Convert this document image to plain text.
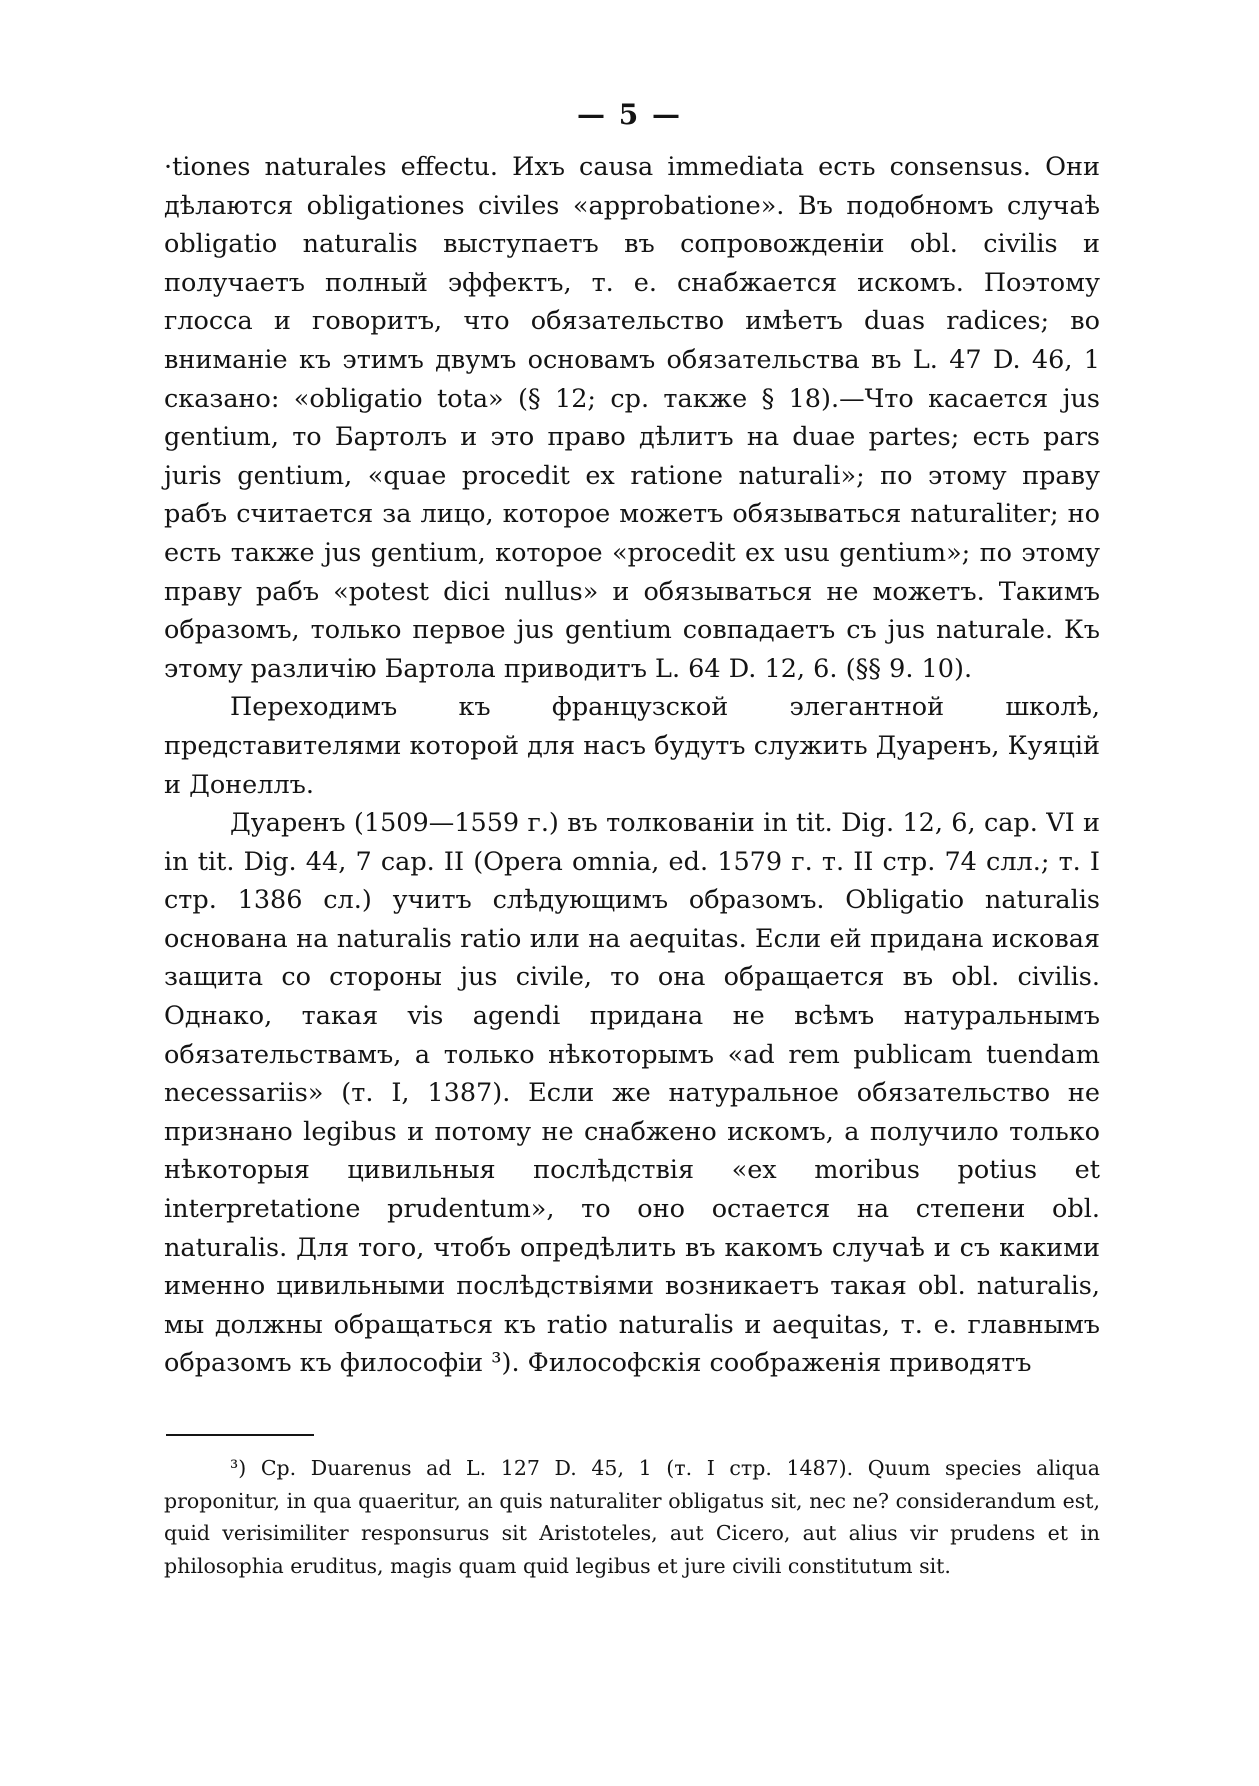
— 5 —

·tiones naturales effectu. Ихъ causa immediata есть consensus. Они дѣлаются obligationes civiles «approbatione». Въ подобномъ случаѣ obligatio naturalis выступаетъ въ сопровожденіи obl. civilis и получаетъ полный эффектъ, т. е. снабжается искомъ. Поэтому глосса и говоритъ, что обязательство имѣетъ duas radices; во вниманіе къ этимъ двумъ основамъ обязательства въ L. 47 D. 46, 1 сказано: «obligatio tota» (§ 12; ср. также § 18).—Что касается jus gentium, то Бартолъ и это право дѣлитъ на duae partes; есть pars juris gentium, «quae procedit ex ratione naturali»; по этому праву рабъ считается за лицо, которое можетъ обязываться naturaliter; но есть также jus gentium, которое «procedit ex usu gentium»; по этому праву рабъ «potest dici nullus» и обязываться не можетъ. Такимъ образомъ, только первое jus gentium совпадаетъ съ jus naturale. Къ этому различію Бартола приводитъ L. 64 D. 12, 6. (§§ 9. 10).

Переходимъ къ французской элегантной школѣ, представителями которой для насъ будутъ служить Дуаренъ, Куяцій и Донеллъ.

Дуаренъ (1509—1559 г.) въ толкованіи in tit. Dig. 12, 6, cap. VI и in tit. Dig. 44, 7 cap. II (Opera omnia, ed. 1579 г. т. II стр. 74 слл.; т. I стр. 1386 сл.) учитъ слѣдующимъ образомъ. Obligatio naturalis основана на naturalis ratio или на aequitas. Если ей придана исковая защита со стороны jus civile, то она обращается въ obl. civilis. Однако, такая vis agendi придана не всѣмъ натуральнымъ обязательствамъ, а только нѣкоторымъ «ad rem publicam tuendam necessariis» (т. I, 1387). Если же натуральное обязательство не признано legibus и потому не снабжено искомъ, а получило только нѣкоторыя цивильныя послѣдствія «ex moribus potius et interpretatione prudentum», то оно остается на степени obl. naturalis. Для того, чтобъ опредѣлить въ какомъ случаѣ и съ какими именно цивильными послѣдствіями возникаетъ такая obl. naturalis, мы должны обращаться къ ratio naturalis и aequitas, т. е. главнымъ образомъ къ философіи ³). Философскія соображенія приводятъ

³) Ср. Duarenus ad L. 127 D. 45, 1 (т. I стр. 1487). Quum species aliqua proponitur, in qua quaeritur, an quis naturaliter obligatus sit, nec ne? considerandum est, quid verisimiliter responsurus sit Aristoteles, aut Cicero, aut alius vir prudens et in philosophia eruditus, magis quam quid legibus et jure civili constitutum sit.
